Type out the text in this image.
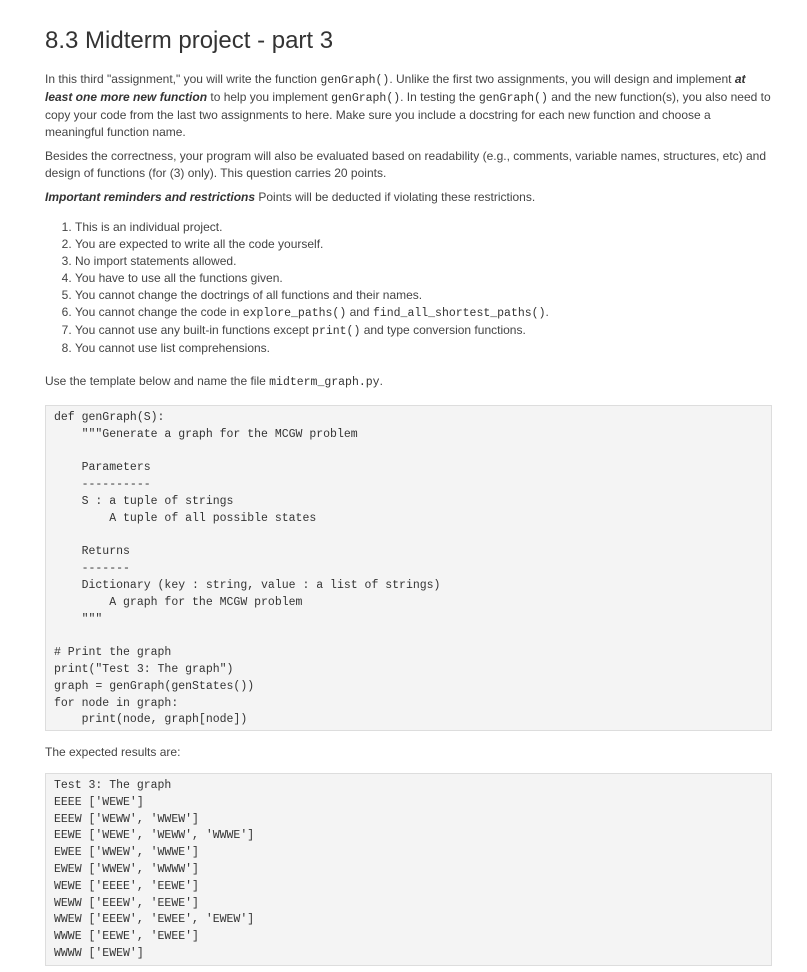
8.3 Midterm project - part 3

In this third "assignment," you will write the function genGraph(). Unlike the first two assignments, you will design and implement at least one more new function to help you implement genGraph(). In testing the genGraph() and the new function(s), you also need to copy your code from the last two assignments to here. Make sure you include a docstring for each new function and choose a meaningful function name.

Besides the correctness, your program will also be evaluated based on readability (e.g., comments, variable names, structures, etc) and design of functions (for (3) only). This question carries 20 points.

Important reminders and restrictions Points will be deducted if violating these restrictions.

1. This is an individual project.
2. You are expected to write all the code yourself.
3. No import statements allowed.
4. You have to use all the functions given.
5. You cannot change the doctrings of all functions and their names.
6. You cannot change the code in explore_paths() and find_all_shortest_paths().
7. You cannot use any built-in functions except print() and type conversion functions.
8. You cannot use list comprehensions.

Use the template below and name the file midterm_graph.py.

def genGraph(S):
"""Generate a graph for the MCGW problem

Parameters
----------
S : a tuple of strings
A tuple of all possible states

Returns
-------
Dictionary (key : string, value : a list of strings)
A graph for the MCGW problem
"""

# Print the graph
print("Test 3: The graph")
graph = genGraph(genStates())
for node in graph:
print(node, graph[node])

The expected results are:

Test 3: The graph
EEEE ['WEWE']
EEEW ['WEWW', 'WWEW']
EEWE ['WEWE', 'WEWW', 'WWWE']
EWEE ['WWEW', 'WWWE']
EWEW ['WWEW', 'WWWW']
WEWE ['EEEE', 'EEWE']
WEWW ['EEEW', 'EEWE']
WWEW ['EEEW', 'EWEE', 'EWEW']
WWWE ['EEWE', 'EWEE']
WWWW ['EWEW']
